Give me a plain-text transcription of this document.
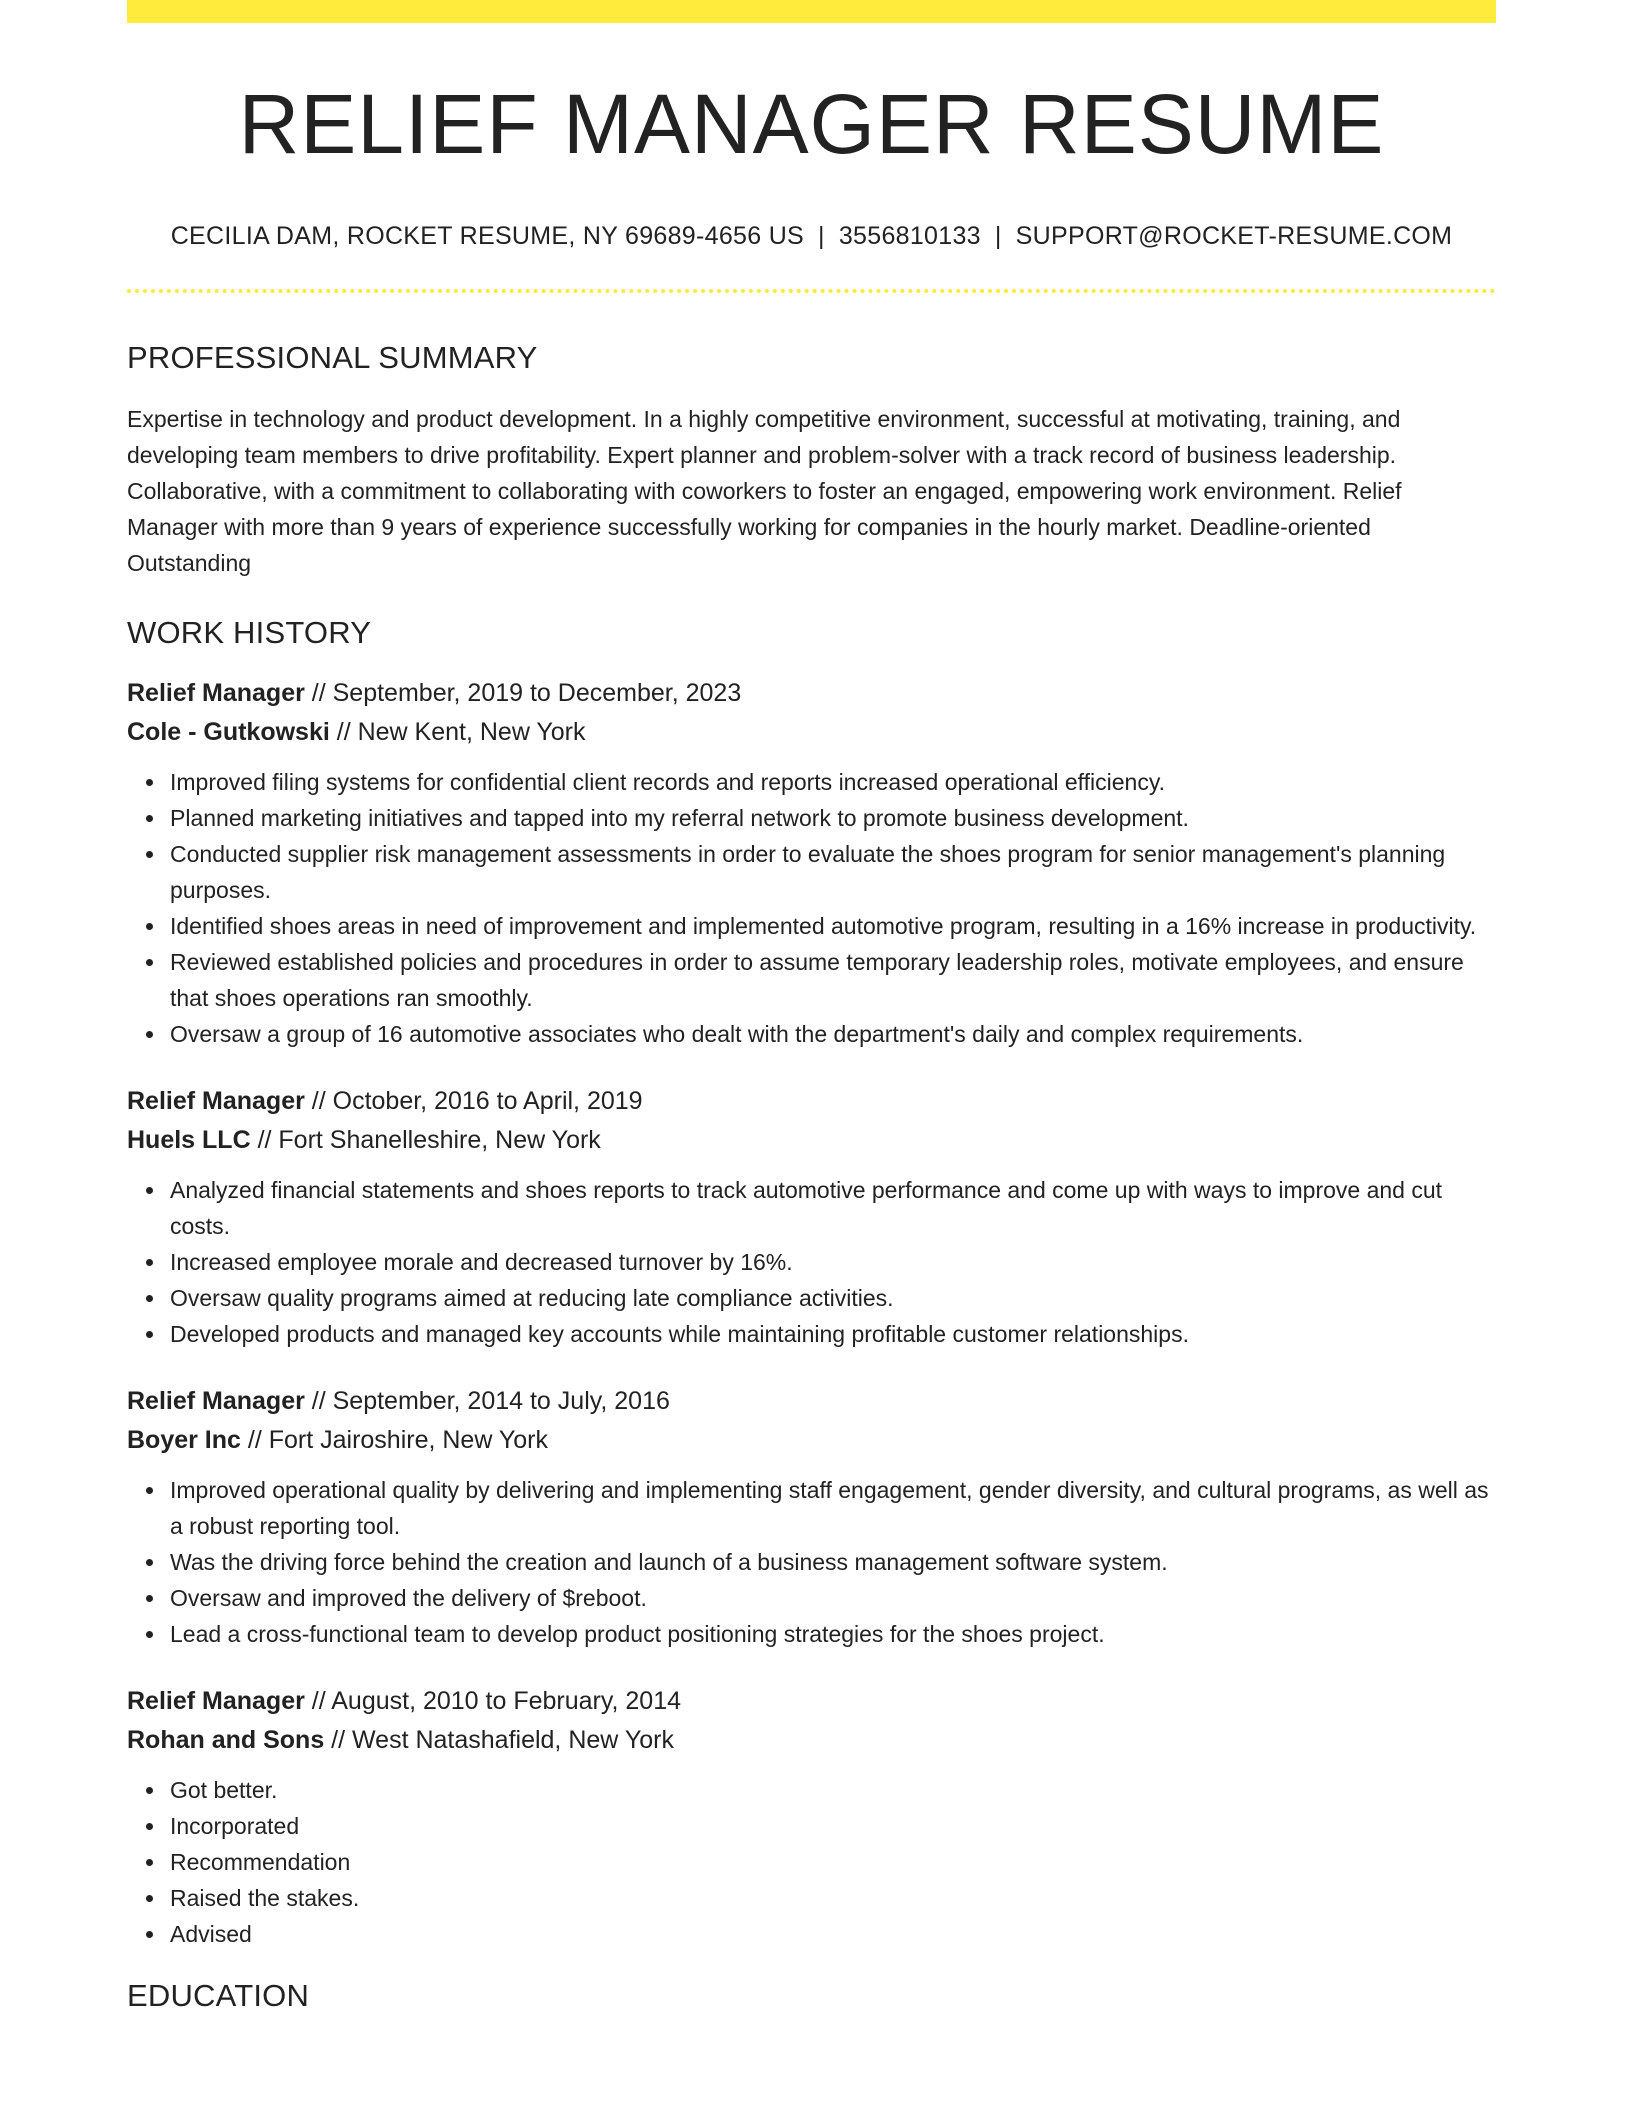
RELIEF MANAGER RESUME
CECILIA DAM, ROCKET RESUME, NY 69689-4656 US | 3556810133 | SUPPORT@ROCKET-RESUME.COM
PROFESSIONAL SUMMARY

Expertise in technology and product development. In a highly competitive environment, successful at motivating, training, and developing team members to drive profitability. Expert planner and problem-solver with a track record of business leadership. Collaborative, with a commitment to collaborating with coworkers to foster an engaged, empowering work environment. Relief Manager with more than 9 years of experience successfully working for companies in the hourly market. Deadline-oriented Outstanding

WORK HISTORY
Relief Manager // September, 2019 to December, 2023
Cole - Gutkowski // New Kent, New York
Improved filing systems for confidential client records and reports increased operational efficiency.
Planned marketing initiatives and tapped into my referral network to promote business development.
Conducted supplier risk management assessments in order to evaluate the shoes program for senior management's planning purposes.
Identified shoes areas in need of improvement and implemented automotive program, resulting in a 16% increase in productivity.
Reviewed established policies and procedures in order to assume temporary leadership roles, motivate employees, and ensure that shoes operations ran smoothly.
Oversaw a group of 16 automotive associates who dealt with the department's daily and complex requirements.
Relief Manager // October, 2016 to April, 2019
Huels LLC // Fort Shanelleshire, New York
Analyzed financial statements and shoes reports to track automotive performance and come up with ways to improve and cut costs.
Increased employee morale and decreased turnover by 16%.
Oversaw quality programs aimed at reducing late compliance activities.
Developed products and managed key accounts while maintaining profitable customer relationships.
Relief Manager // September, 2014 to July, 2016
Boyer Inc // Fort Jairoshire, New York
Improved operational quality by delivering and implementing staff engagement, gender diversity, and cultural programs, as well as a robust reporting tool.
Was the driving force behind the creation and launch of a business management software system.
Oversaw and improved the delivery of $reboot.
Lead a cross-functional team to develop product positioning strategies for the shoes project.
Relief Manager // August, 2010 to February, 2014
Rohan and Sons // West Natashafield, New York
Got better.
Incorporated
Recommendation
Raised the stakes.
Advised
EDUCATION
